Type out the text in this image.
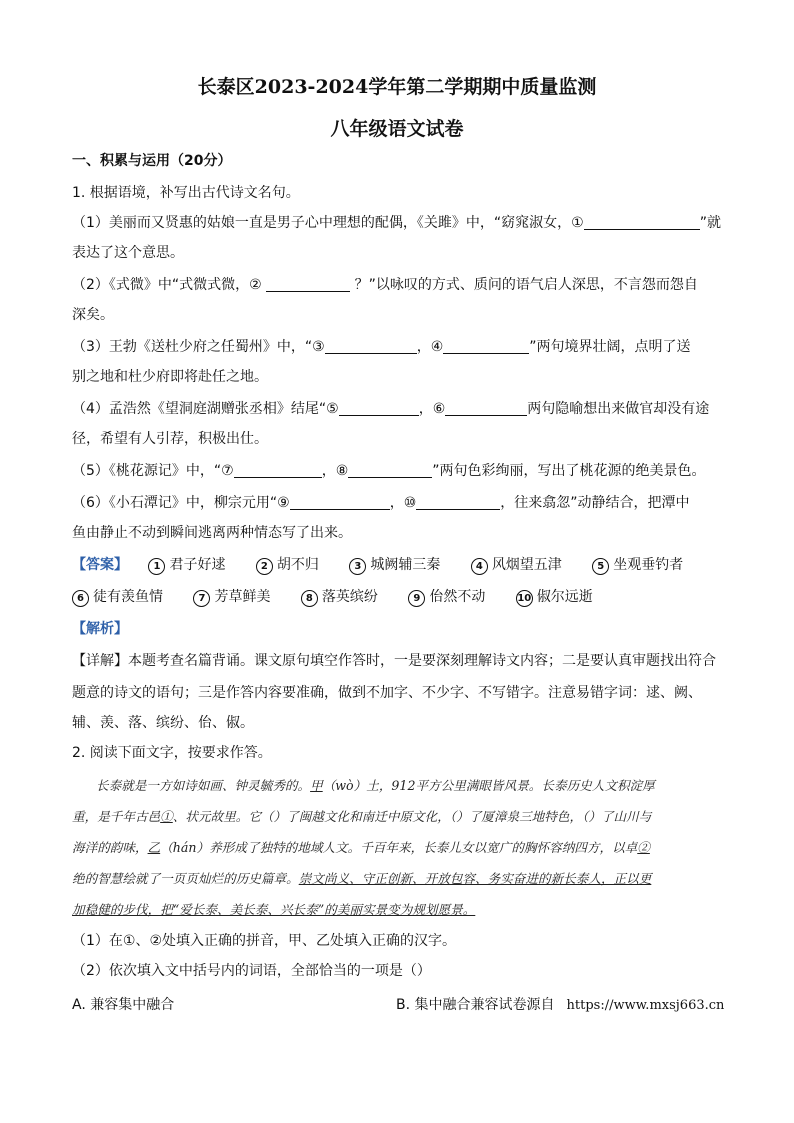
长泰区2023-2024学年第二学期期中质量监测
八年级语文试卷
一、积累与运用（20分）
1. 根据语境，补写出古代诗文名句。
（1）美丽而又贤惠的姑娘一直是男子心中理想的配偶，《关雎》中，“窈窕淑女，①	”就
表达了这个意思。
（2）《式微》中“式微式微，②	？”以咏叹的方式、质问的语气启人深思，不言怨而怨自
深矣。
（3）王勃《送杜少府之任蜀州》中，“③	，④	”两句境界壮阔，点明了送
别之地和杜少府即将赴任之地。
（4）孟浩然《望洞庭湖赠张丞相》结尾“⑤	，⑥	两句隐喻想出来做官却没有途
径，希望有人引荐，积极出仕。
（5）《桃花源记》中，“⑦	，⑧	”两句色彩绚丽，写出了桃花源的绝美景色。
（6）《小石潭记》中，柳宗元用“⑨	，⑩	，往来翕忽”动静结合，把潭中
鱼由静止不动到瞬间逃离两种情态写了出来。
【答案】	1 君子好逑	2 胡不归	3 城阙辅三秦	4 风烟望五津	5 坐观垂钓者
6 徒有羡鱼情	7 芳草鲜美	8 落英缤纷	9 佁然不动	10 俶尔远逝
【解析】
【详解】本题考查名篇背诵。课文原句填空作答时，一是要深刻理解诗文内容；二是要认真审题找出符合
题意的诗文的语句；三是作答内容要准确，做到不加字、不少字、不写错字。注意易错字词：逑、阙、
辅、羡、落、缤纷、佁、俶。
2. 阅读下面文字，按要求作答。
长泰就是一方如诗如画、钟灵毓秀的。甲（wò）土，912平方公里满眼皆风景。长泰历史人文积淀厚
重，是千年古邑①、状元故里。它（）了闽越文化和南迁中原文化，（）了厦漳泉三地特色，（）了山川与
海洋的韵味，乙（hán）养形成了独特的地域人文。千百年来，长泰儿女以宽广的胸怀容纳四方，以卓②
绝的智慧绘就了一页页灿烂的历史篇章。崇文尚义、守正创新、开放包容、务实奋进的新长泰人，正以更
加稳健的步伐，把“爱长泰、美长泰、兴长泰”的美丽实景变为规划愿景。
（1）在①、②处填入正确的拼音，甲、乙处填入正确的汉字。
（2）依次填入文中括号内的词语，全部恰当的一项是（）
A. 兼容集中融合	B. 集中融合兼容试卷源自 https://www.mxsj663.cn
